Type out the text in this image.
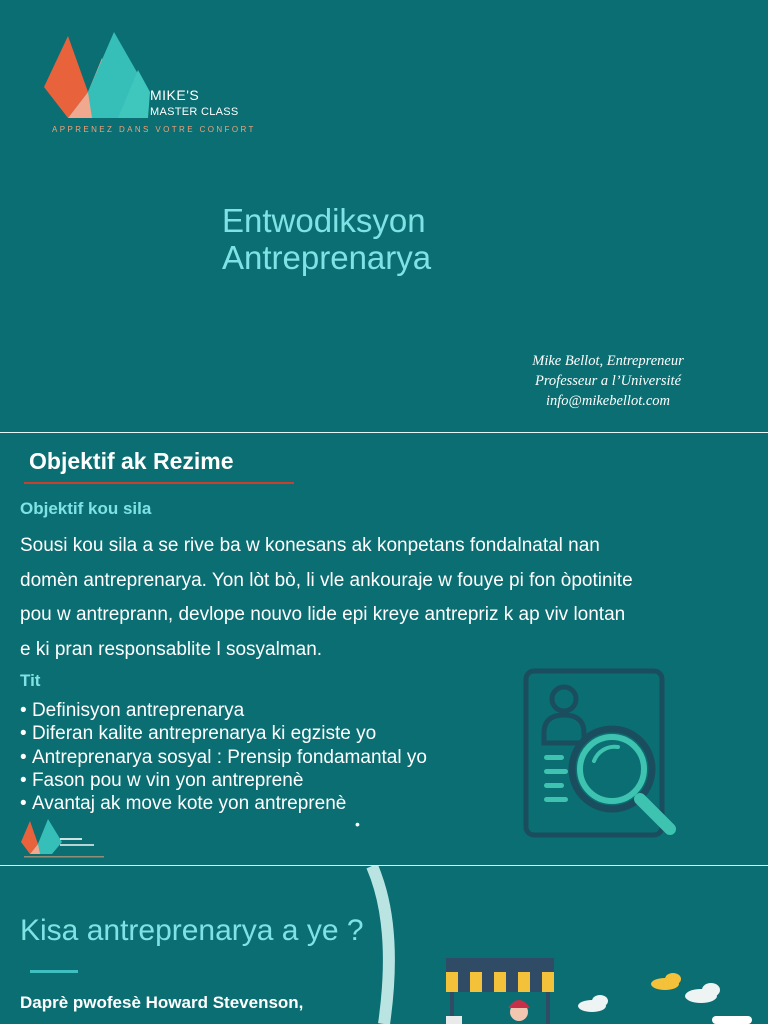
MIKE'S
MASTER CLASS
APPRENEZ DANS VOTRE CONFORT
Entwodiksyon
Antreprenarya
Mike Bellot, Entrepreneur
Professeur a l’Université
info@mikebellot.com
Objektif ak Rezime
Objektif kou sila
Sousi kou sila a se rive ba w konesans ak konpetans fondalnatal nan
domèn antreprenarya. Yon lòt bò, li vle ankouraje w fouye pi fon òpotinite
pou w antreprann, devlope nouvo lide epi kreye antrepriz k ap viv lontan
e ki pran responsablite l sosyalman.
Tit
• Definisyon antreprenarya
• Diferan kalite antreprenarya ki egziste yo
• Antreprenarya sosyal : Prensip fondamantal yo
• Fason pou w vin yon antreprenè
• Avantaj ak move kote yon antreprenè
•
Kisa antreprenarya a ye ?
Daprè pwofesè Howard Stevenson,
